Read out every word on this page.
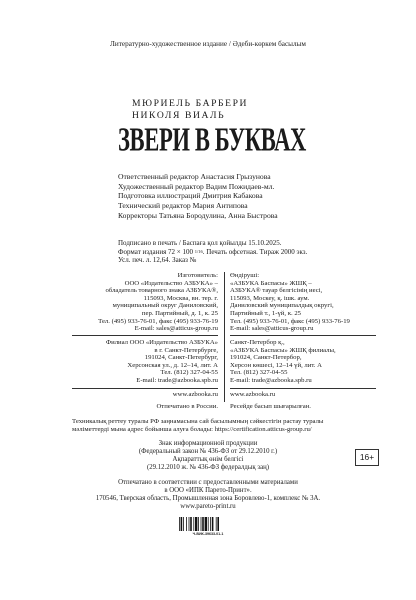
Литературно-художественное издание / Әдеби-көркем басылым
МЮРИЕЛЬ БАРБЕРИ
НИКОЛЯ ВИАЛЬ
ЗВЕРИ В БУКВАХ
Ответственный редактор Анастасия Грызунова
Художественный редактор Вадим Пожидаев-мл.
Подготовка иллюстраций Дмитрия Кабакова
Технический редактор Мария Антипова
Корректоры Татьяна Бородулина, Анна Быстрова
Подписано в печать / Баспаға қол қойылды 15.10.2025.
Формат издания 72 × 100 1/16. Печать офсетная. Тираж 2000 экз.
Усл. печ. л. 12,64. Заказ №
Изготовитель:
ООО «Издательство АЗБУКА» –
обладатель товарного знака АЗБУКА®,
115093, Москва, вн. тер. г.
муниципальный округ Даниловский,
пер. Партийный, д. 1, к. 25
Тел. (495) 933-76-01, факс (495) 933-76-19
E-mail: sales@atticus-group.ru
Филиал ООО «Издательство АЗБУКА»
в г. Санкт-Петербурге,
191024, Санкт-Петербург,
Херсонская ул., д. 12–14, лит. А
Тел. (812) 327-04-55
E-mail: trade@azbooka.spb.ru
Өндіруші:
«АЗБУКА Баспасы» ЖШҚ –
АЗБУКА® тауар белгісінің иесі,
115093, Москеу, қ. ішк. аум.
Даниловский муниципалдық округі,
Партийный т., 1-үй, к. 25
Тел. (495) 933-76-01, факс (495) 933-76-19
E-mail: sales@atticus-group.ru
Санкт-Петербор қ.,
«АЗБУКА Баспасы» ЖШҚ филиалы,
191024, Санкт-Петербор,
Херсон көшесі, 12–14 үй, лит. А
Тел. (812) 327-04-55
E-mail: trade@azbooka.spb.ru
www.azbooka.ru
Отпечатано в России.
www.azbooka.ru
Ресейде басып шығарылған.
Техникалық реттеу туралы РФ заңнамасына сай басылымның сәйкестігін растау туралы
мәліметтерді мына адрес бойынша алуға болады: https://certification.atticus-group.ru/
Знак информационной продукции
(Федеральный закон № 436-ФЗ от 29.12.2010 г.)
Ақпараттық өнім белгісі
(29.12.2010 ж. № 436-ФЗ федералдық заң)
16+
Отпечатано в соответствии с предоставленными материалами
в ООО «ИПК Парето-Принт».
170546, Тверская область, Промышленная зона Боровлево-1, комплекс № 3А.
www.pareto-print.ru
Ч-ВИК-39633-01-1
